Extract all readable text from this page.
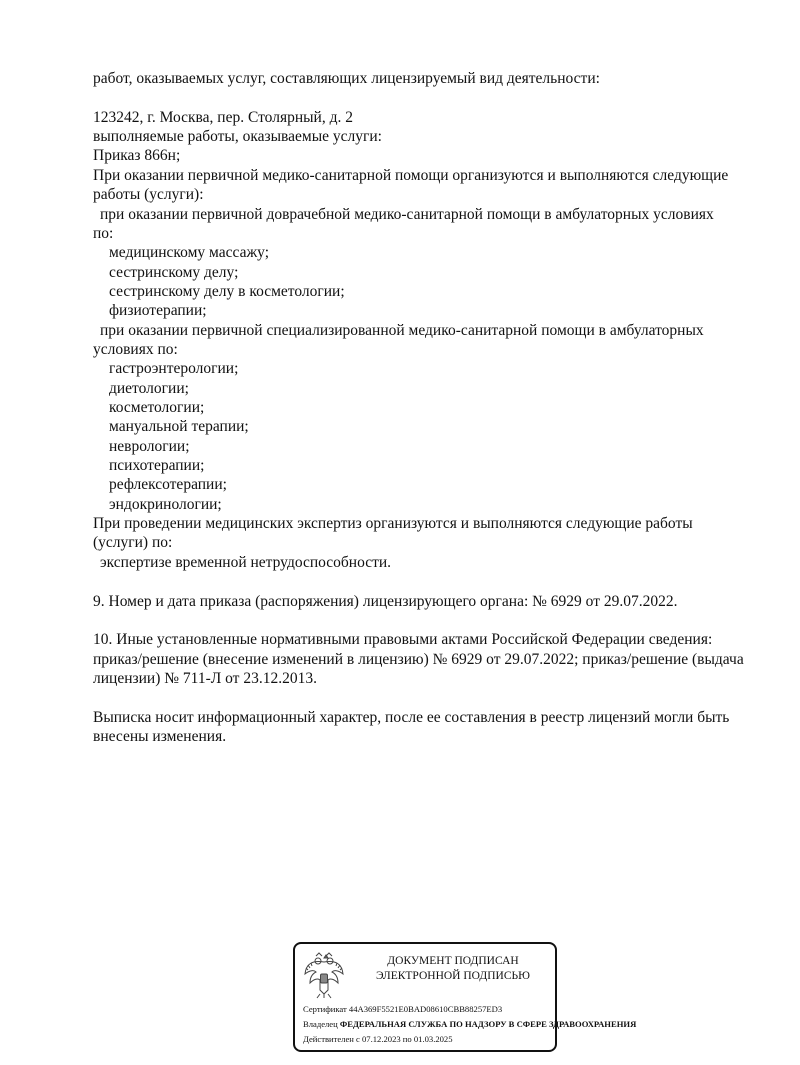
работ, оказываемых услуг, составляющих лицензируемый вид деятельности:
123242, г. Москва, пер. Столярный, д. 2
выполняемые работы, оказываемые услуги:
Приказ 866н;
При оказании первичной медико-санитарной помощи организуются и выполняются следующие
работы (услуги):
при оказании первичной доврачебной медико-санитарной помощи в амбулаторных условиях
по:
медицинскому массажу;
сестринскому делу;
сестринскому делу в косметологии;
физиотерапии;
при оказании первичной специализированной медико-санитарной помощи в амбулаторных
условиях по:
гастроэнтерологии;
диетологии;
косметологии;
мануальной терапии;
неврологии;
психотерапии;
рефлексотерапии;
эндокринологии;
При проведении медицинских экспертиз организуются и выполняются следующие работы
(услуги) по:
экспертизе временной нетрудоспособности.
9. Номер и дата приказа (распоряжения) лицензирующего органа: № 6929 от 29.07.2022.
10. Иные установленные нормативными правовыми актами Российской Федерации сведения:
приказ/решение (внесение изменений в лицензию) № 6929 от 29.07.2022; приказ/решение (выдача
лицензии) № 711-Л от 23.12.2013.
Выписка носит информационный характер, после ее составления в реестр лицензий могли быть
внесены изменения.
ДОКУМЕНТ ПОДПИСАН
ЭЛЕКТРОННОЙ ПОДПИСЬЮ
Сертификат 44A369F5521E0BAD08610CBB88257ED3
Владелец ФЕДЕРАЛЬНАЯ СЛУЖБА ПО НАДЗОРУ В СФЕРЕ ЗДРАВООХРАНЕНИЯ
Действителен с 07.12.2023 по 01.03.2025
